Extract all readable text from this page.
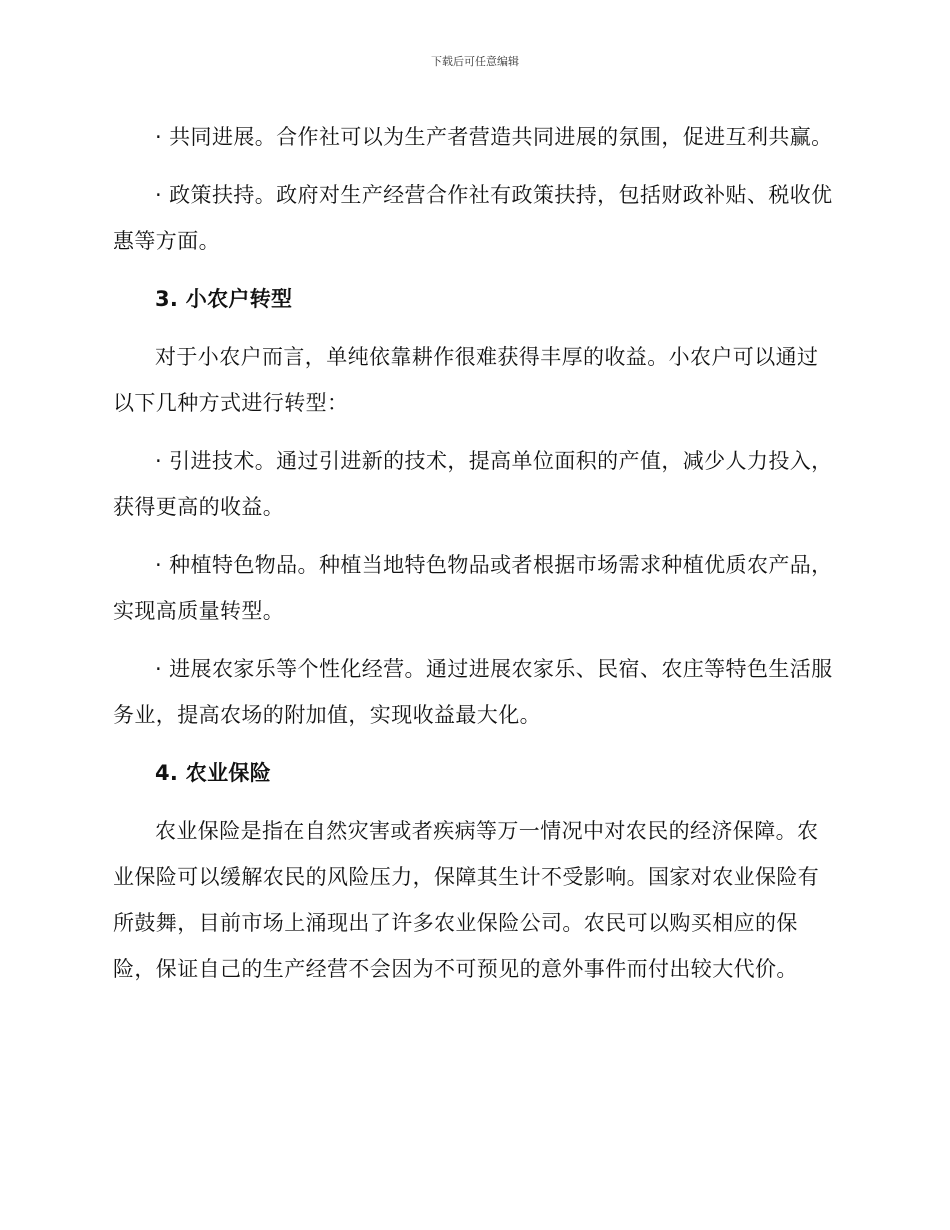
下载后可任意编辑

· 共同进展。合作社可以为生产者营造共同进展的氛围，促进互利共赢。

· 政策扶持。政府对生产经营合作社有政策扶持，包括财政补贴、税收优惠等方面。

3. 小农户转型

对于小农户而言，单纯依靠耕作很难获得丰厚的收益。小农户可以通过以下几种方式进行转型：

· 引进技术。通过引进新的技术，提高单位面积的产值，减少人力投入，获得更高的收益。

· 种植特色物品。种植当地特色物品或者根据市场需求种植优质农产品，实现高质量转型。

· 进展农家乐等个性化经营。通过进展农家乐、民宿、农庄等特色生活服务业，提高农场的附加值，实现收益最大化。

4. 农业保险

农业保险是指在自然灾害或者疾病等万一情况中对农民的经济保障。农业保险可以缓解农民的风险压力，保障其生计不受影响。国家对农业保险有所鼓舞，目前市场上涌现出了许多农业保险公司。农民可以购买相应的保险，保证自己的生产经营不会因为不可预见的意外事件而付出较大代价。
